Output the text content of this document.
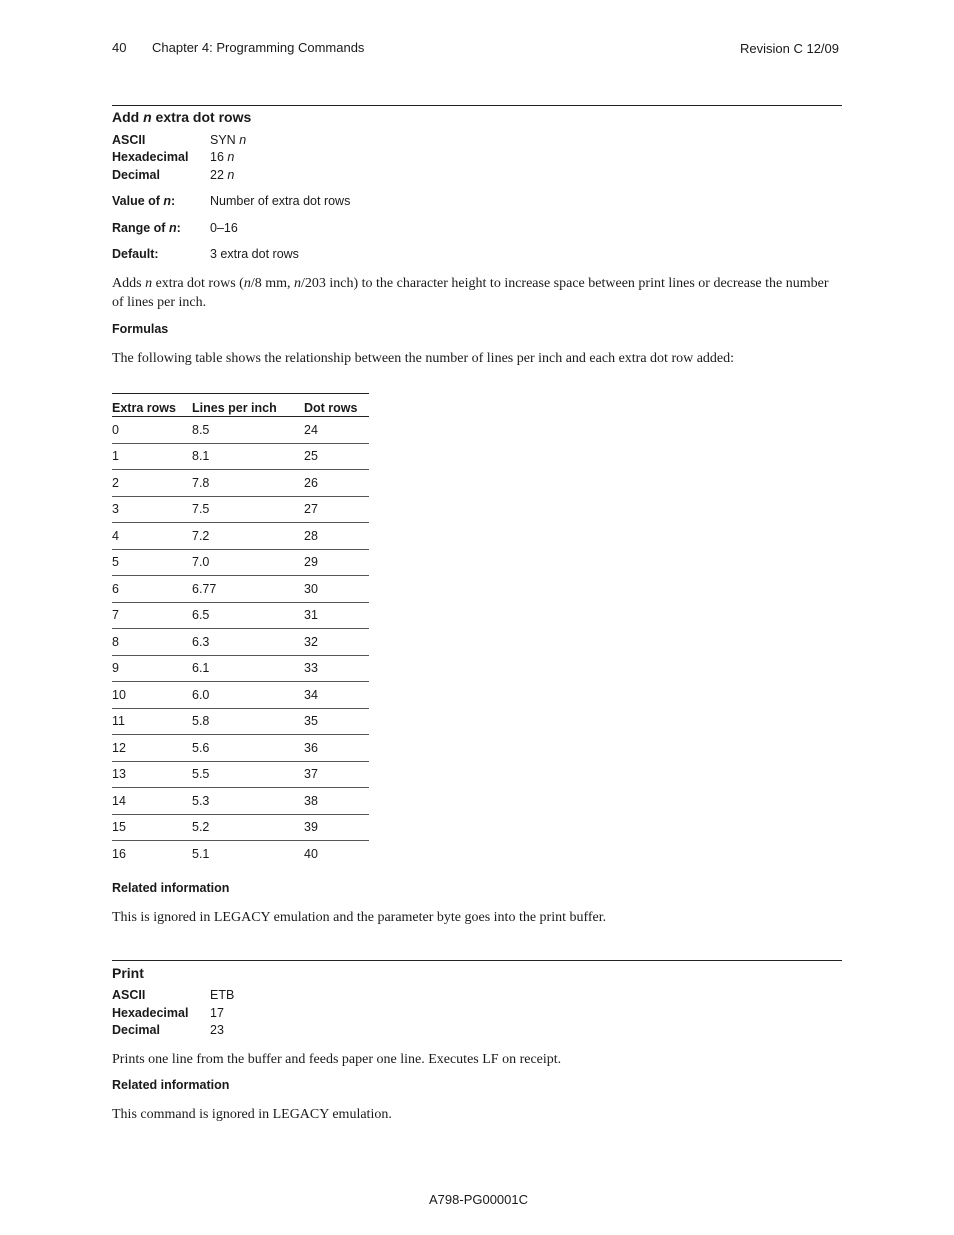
40 Chapter 4: Programming Commands	Revision C 12/09
Add n extra dot rows
ASCII	SYN n
Hexadecimal 16 n
Decimal	22 n
Value of n:	Number of extra dot rows
Range of n: 0–16
Default:	3 extra dot rows
Adds n extra dot rows (n/8 mm, n/203 inch) to the character height to increase space between print lines or decrease the number of lines per inch.
Formulas
The following table shows the relationship between the number of lines per inch and each extra dot row added:
Extra rows	Lines per inch	Dot rows
0	8.5	24
1	8.1	25
2	7.8	26
3	7.5	27
4	7.2	28
5	7.0	29
6	6.77	30
7	6.5	31
8	6.3	32
9	6.1	33
10	6.0	34
11	5.8	35
12	5.6	36
13	5.5	37
14	5.3	38
15	5.2	39
16	5.1	40
Related information
This is ignored in LEGACY emulation and the parameter byte goes into the print buffer.
Print
ASCII	ETB
Hexadecimal 17
Decimal	23
Prints one line from the buffer and feeds paper one line. Executes LF on receipt.
Related information
This command is ignored in LEGACY emulation.
A798-PG00001C
